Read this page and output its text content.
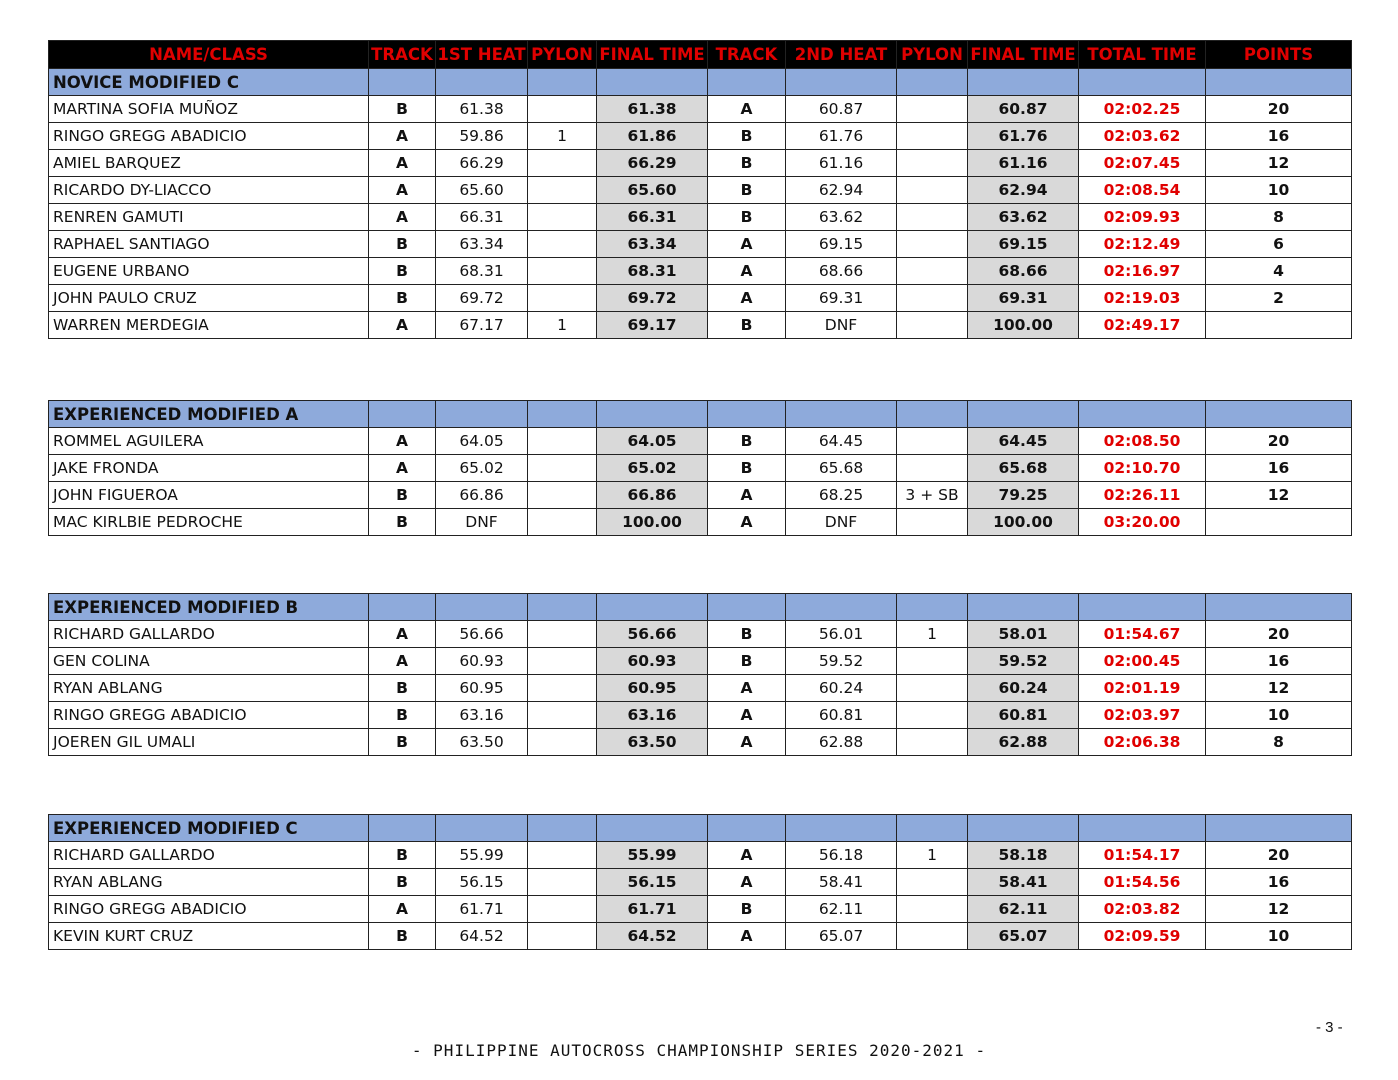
NAME/CLASS	TRACK	1ST HEAT	PYLON	FINAL TIME	TRACK	2ND HEAT	PYLON	FINAL TIME	TOTAL TIME	POINTS
NOVICE MODIFIED C										
MARTINA SOFIA MUÑOZ	B	61.38		61.38	A	60.87		60.87	02:02.25	20
RINGO GREGG ABADICIO	A	59.86	1	61.86	B	61.76		61.76	02:03.62	16
AMIEL BARQUEZ	A	66.29		66.29	B	61.16		61.16	02:07.45	12
RICARDO DY-LIACCO	A	65.60		65.60	B	62.94		62.94	02:08.54	10
RENREN GAMUTI	A	66.31		66.31	B	63.62		63.62	02:09.93	8
RAPHAEL SANTIAGO	B	63.34		63.34	A	69.15		69.15	02:12.49	6
EUGENE URBANO	B	68.31		68.31	A	68.66		68.66	02:16.97	4
JOHN PAULO CRUZ	B	69.72		69.72	A	69.31		69.31	02:19.03	2
WARREN MERDEGIA	A	67.17	1	69.17	B	DNF		100.00	02:49.17	
EXPERIENCED MODIFIED A										
ROMMEL AGUILERA	A	64.05		64.05	B	64.45		64.45	02:08.50	20
JAKE FRONDA	A	65.02		65.02	B	65.68		65.68	02:10.70	16
JOHN FIGUEROA	B	66.86		66.86	A	68.25	3 + SB	79.25	02:26.11	12
MAC KIRLBIE PEDROCHE	B	DNF		100.00	A	DNF		100.00	03:20.00	
EXPERIENCED MODIFIED B										
RICHARD GALLARDO	A	56.66		56.66	B	56.01	1	58.01	01:54.67	20
GEN COLINA	A	60.93		60.93	B	59.52		59.52	02:00.45	16
RYAN ABLANG	B	60.95		60.95	A	60.24		60.24	02:01.19	12
RINGO GREGG ABADICIO	B	63.16		63.16	A	60.81		60.81	02:03.97	10
JOEREN GIL UMALI	B	63.50		63.50	A	62.88		62.88	02:06.38	8
EXPERIENCED MODIFIED C										
RICHARD GALLARDO	B	55.99		55.99	A	56.18	1	58.18	01:54.17	20
RYAN ABLANG	B	56.15		56.15	A	58.41		58.41	01:54.56	16
RINGO GREGG ABADICIO	A	61.71		61.71	B	62.11		62.11	02:03.82	12
KEVIN KURT CRUZ	B	64.52		64.52	A	65.07		65.07	02:09.59	10
- 3 -
- PHILIPPINE AUTOCROSS CHAMPIONSHIP SERIES 2020-2021 -
